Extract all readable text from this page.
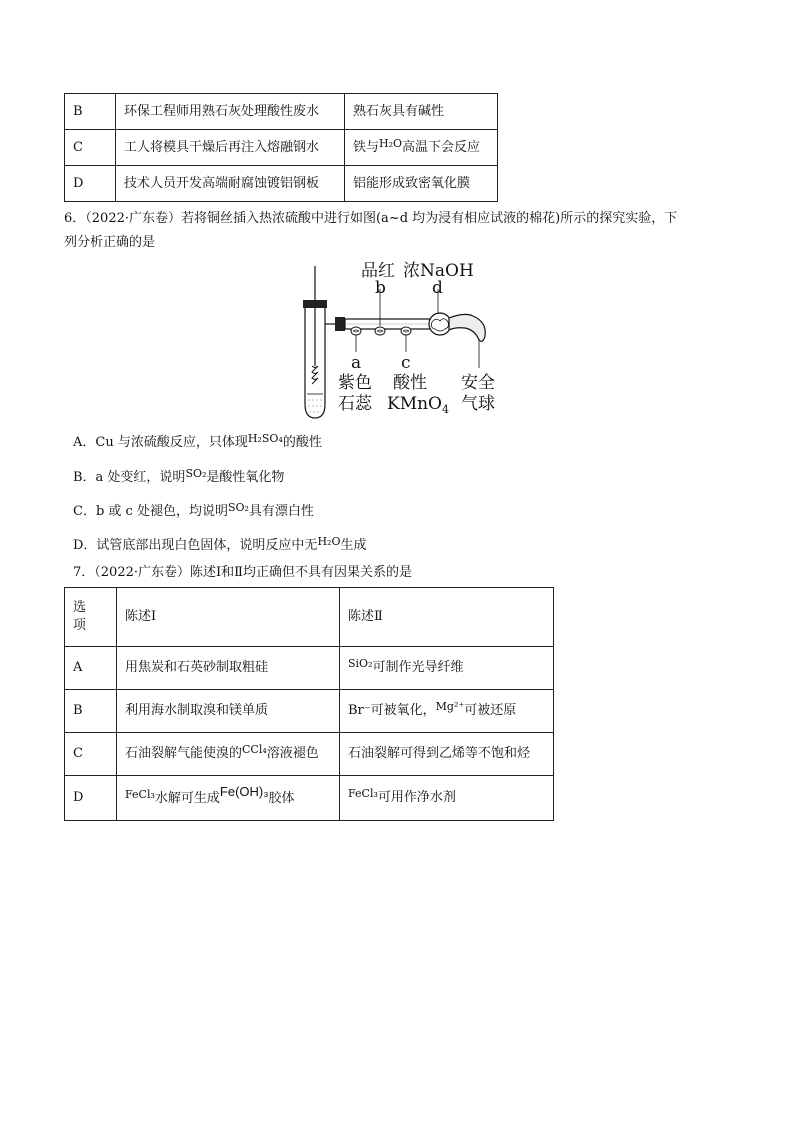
B	环保工程师用熟石灰处理酸性废水	熟石灰具有碱性
C	工人将模具干燥后再注入熔融钢水	铁与$^{H_2O}$高温下会反应
D	技术人员开发高端耐腐蚀镀铝钢板	铝能形成致密氧化膜
6．（2022·广东卷）若将铜丝插入热浓硫酸中进行如图(a~d 均为浸有相应试液的棉花)所示的探究实验，下
列分析正确的是
品红 浓NaOH
b	d
a c
紫色
石蕊
酸性
KMnO$_4$
安全
气球
A．Cu 与浓硫酸反应，只体现$^{H_2SO_4}$的酸性
B．a 处变红，说明$^{SO_2}$是酸性氧化物
C．b 或 c 处褪色，均说明$^{SO_2}$具有漂白性
D．试管底部出现白色固体，说明反应中无$^{H_2O}$生成
7．（2022·广东卷）陈述Ⅰ和Ⅱ均正确但不具有因果关系的是
选
项	陈述Ⅰ	陈述Ⅱ
A	用焦炭和石英砂制取粗硅	$^{SiO_2}$可制作光导纤维
B	利用海水制取溴和镁单质	Br⁻可被氧化，$^{Mg^{2+}}$可被还原
C	石油裂解气能使溴的$^{CCl_4}$溶液褪色	石油裂解可得到乙烯等不饱和烃
D	$^{FeCl_3}$水解可生成Fe(OH)₃胶体	$^{FeCl_3}$可用作净水剂
